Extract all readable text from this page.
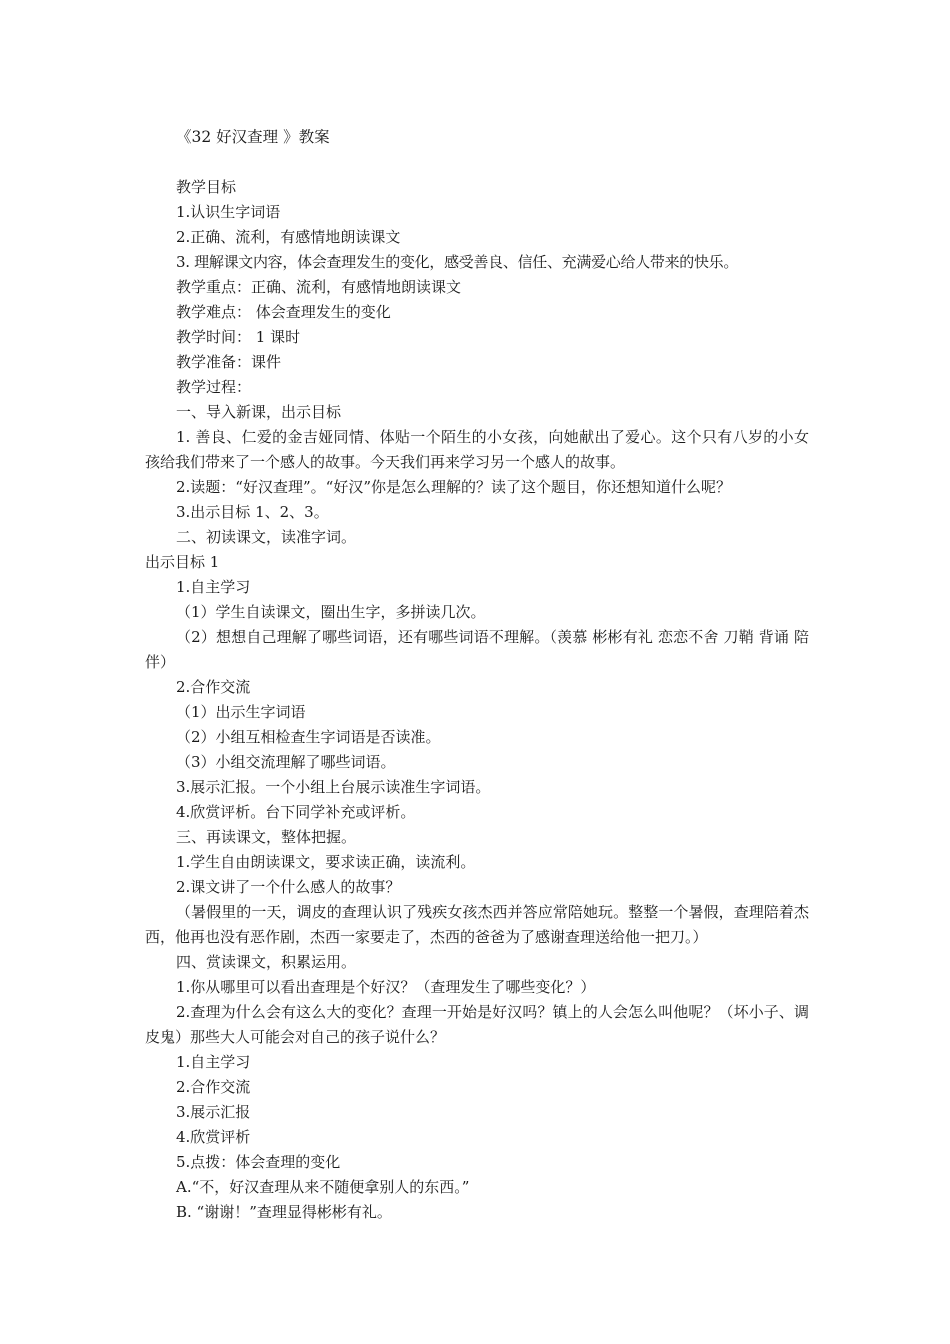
《32 好汉查理 》教案

教学目标

1.认识生字词语

2.正确、流利，有感情地朗读课文

3. 理解课文内容，体会查理发生的变化，感受善良、信任、充满爱心给人带来的快乐。

教学重点：正确、流利，有感情地朗读课文

教学难点： 体会查理发生的变化

教学时间： 1 课时

教学准备：课件

教学过程：

一、导入新课，出示目标

1. 善良、仁爱的金吉娅同情、体贴一个陌生的小女孩，向她献出了爱心。这个只有八岁的小女孩给我们带来了一个感人的故事。今天我们再来学习另一个感人的故事。

2.读题：“好汉查理”。“好汉”你是怎么理解的？读了这个题目，你还想知道什么呢？

3.出示目标 1、2、3。

二、初读课文，读准字词。

出示目标 1

1.自主学习

（1）学生自读课文，圈出生字，多拼读几次。

（2）想想自己理解了哪些词语，还有哪些词语不理解。（羡慕 彬彬有礼 恋恋不舍 刀鞘 背诵 陪伴）

2.合作交流

（1）出示生字词语

（2）小组互相检查生字词语是否读准。

（3）小组交流理解了哪些词语。

3.展示汇报。一个小组上台展示读准生字词语。

4.欣赏评析。台下同学补充或评析。

三、再读课文，整体把握。

1.学生自由朗读课文，要求读正确，读流利。

2.课文讲了一个什么感人的故事？

（暑假里的一天，调皮的查理认识了残疾女孩杰西并答应常陪她玩。整整一个暑假，查理陪着杰西，他再也没有恶作剧，杰西一家要走了，杰西的爸爸为了感谢查理送给他一把刀。）

四、赏读课文，积累运用。

1.你从哪里可以看出查理是个好汉？（查理发生了哪些变化？）

2.查理为什么会有这么大的变化？查理一开始是好汉吗？镇上的人会怎么叫他呢？（坏小子、调皮鬼）那些大人可能会对自己的孩子说什么？

1.自主学习

2.合作交流

3.展示汇报

4.欣赏评析

5.点拨：体会查理的变化

A.“不，好汉查理从来不随便拿别人的东西。”

B. “谢谢！”查理显得彬彬有礼。
